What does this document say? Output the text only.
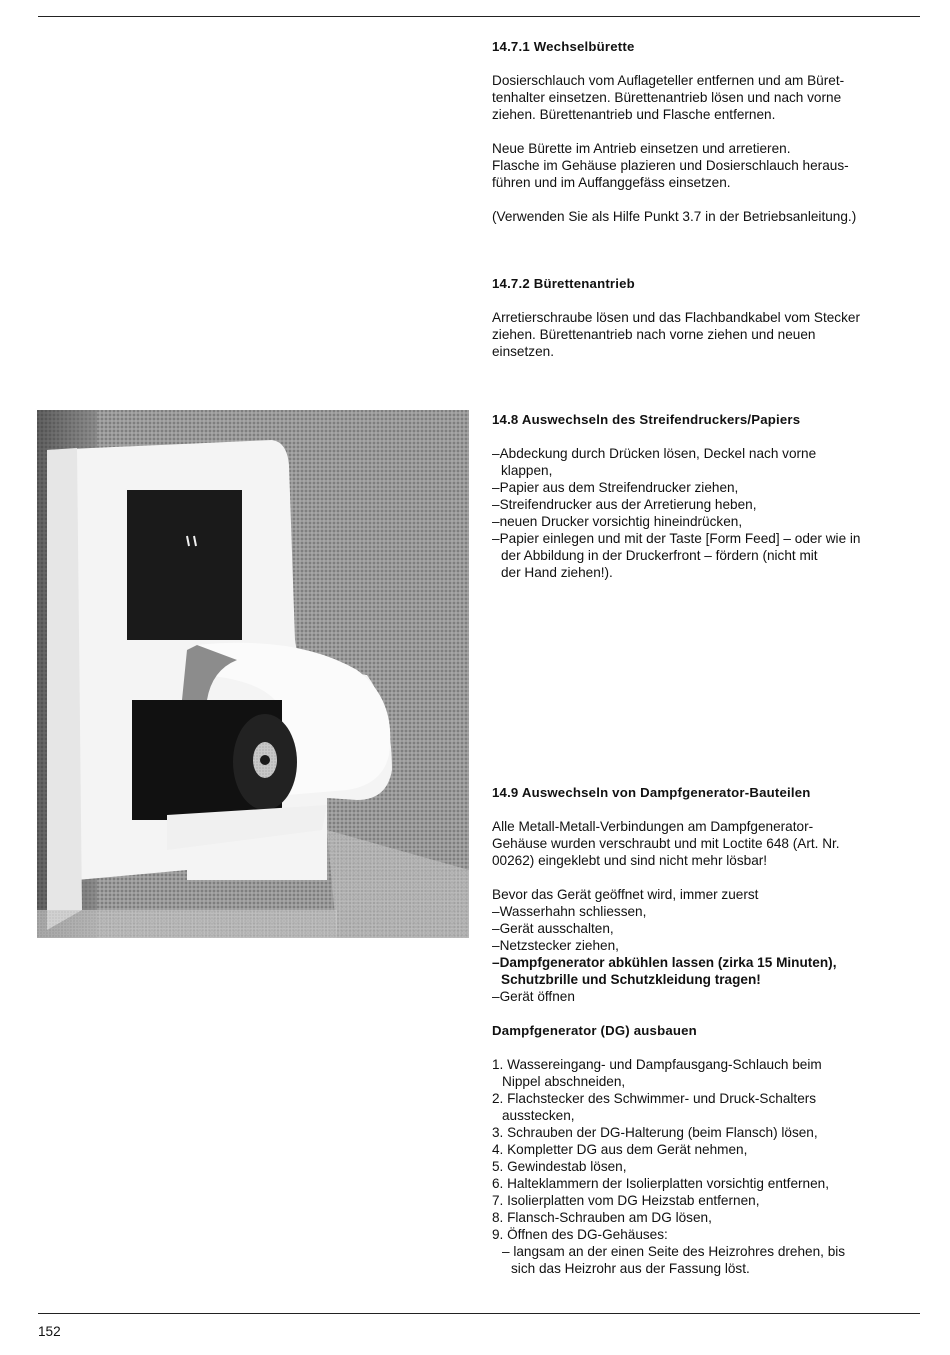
14.7.1 Wechselbürette

Dosierschlauch vom Auflageteller entfernen und am Büret-
tenhalter einsetzen. Bürettenantrieb lösen und nach vorne
ziehen. Bürettenantrieb und Flasche entfernen.

Neue Bürette im Antrieb einsetzen und arretieren.
Flasche im Gehäuse plazieren und Dosierschlauch heraus-
führen und im Auffanggefäss einsetzen.

(Verwenden Sie als Hilfe Punkt 3.7 in der Betriebsanleitung.)

14.7.2 Bürettenantrieb

Arretierschraube lösen und das Flachbandkabel vom Stecker
ziehen. Bürettenantrieb nach vorne ziehen und neuen
einsetzen.

14.8 Auswechseln des Streifendruckers/Papiers

– Abdeckung durch Drücken lösen, Deckel nach vorne
klappen,
– Papier aus dem Streifendrucker ziehen,
– Streifendrucker aus der Arretierung heben,
– neuen Drucker vorsichtig hineindrücken,
– Papier einlegen und mit der Taste [Form Feed] – oder wie in
der Abbildung in der Druckerfront – fördern (nicht mit
der Hand ziehen!).

14.9 Auswechseln von Dampfgenerator-Bauteilen

Alle Metall-Metall-Verbindungen am Dampfgenerator-
Gehäuse wurden verschraubt und mit Loctite 648 (Art. Nr.
00262) eingeklebt und sind nicht mehr lösbar!

Bevor das Gerät geöffnet wird, immer zuerst

– Wasserhahn schliessen,
– Gerät ausschalten,
– Netzstecker ziehen,
– Dampfgenerator abkühlen lassen (zirka 15 Minuten),
Schutzbrille und Schutzkleidung tragen!
– Gerät öffnen

Dampfgenerator (DG) ausbauen

1. Wassereingang- und Dampfausgang-Schlauch beim
Nippel abschneiden,
2. Flachstecker des Schwimmer- und Druck-Schalters
ausstecken,
3. Schrauben der DG-Halterung (beim Flansch) lösen,
4. Kompletter DG aus dem Gerät nehmen,
5. Gewindestab lösen,
6. Halteklammern der Isolierplatten vorsichtig entfernen,
7. Isolierplatten vom DG Heizstab entfernen,
8. Flansch-Schrauben am DG lösen,
9. Öffnen des DG-Gehäuses:
– langsam an der einen Seite des Heizrohres drehen, bis
sich das Heizrohr aus der Fassung löst.
152
